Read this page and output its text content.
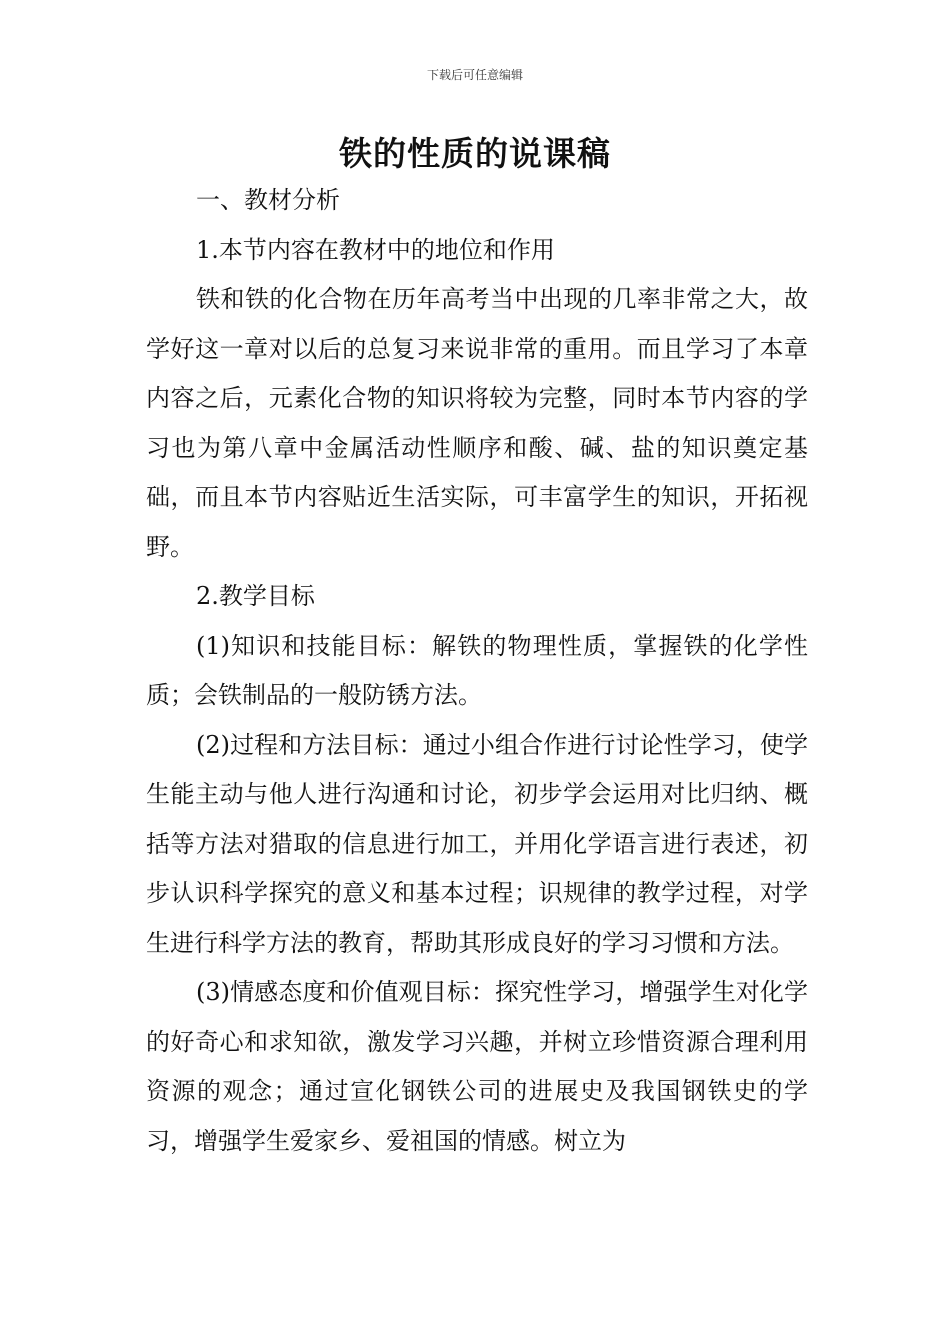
下载后可任意编辑
铁的性质的说课稿

一、教材分析

1.本节内容在教材中的地位和作用

铁和铁的化合物在历年高考当中出现的几率非常之大，故学好这一章对以后的总复习来说非常的重用。而且学习了本章内容之后，元素化合物的知识将较为完整，同时本节内容的学习也为第八章中金属活动性顺序和酸、碱、盐的知识奠定基础，而且本节内容贴近生活实际，可丰富学生的知识，开拓视野。

2.教学目标

(1)知识和技能目标：解铁的物理性质，掌握铁的化学性质；会铁制品的一般防锈方法。

(2)过程和方法目标：通过小组合作进行讨论性学习，使学生能主动与他人进行沟通和讨论，初步学会运用对比归纳、概括等方法对猎取的信息进行加工，并用化学语言进行表述，初步认识科学探究的意义和基本过程；识规律的教学过程，对学生进行科学方法的教育，帮助其形成良好的学习习惯和方法。

(3)情感态度和价值观目标：探究性学习，增强学生对化学的好奇心和求知欲，激发学习兴趣，并树立珍惜资源合理利用资源的观念；通过宣化钢铁公司的进展史及我国钢铁史的学习，增强学生爱家乡、爱祖国的情感。树立为
